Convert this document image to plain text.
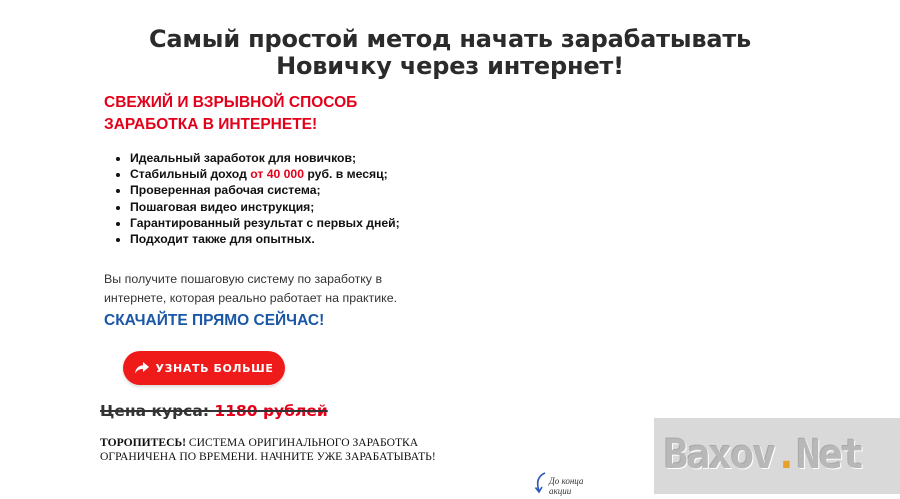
Самый простой метод начать зарабатывать
Новичку через интернет!
СВЕЖИЙ И ВЗРЫВНОЙ СПОСОБ
ЗАРАБОТКА В ИНТЕРНЕТЕ!
• Идеальный заработок для новичков;
• Стабильный доход от 40 000 руб. в месяц;
• Проверенная рабочая система;
• Пошаговая видео инструкция;
• Гарантированный результат с первых дней;
• Подходит также для опытных.
Вы получите пошаговую систему по заработку в
интернете, которая реально работает на практике.
СКАЧАЙТЕ ПРЯМО СЕЙЧАС!
УЗНАТЬ БОЛЬШЕ
Цена курса: 1180 рублей
ТОРОПИТЕСЬ! СИСТЕМА ОРИГИНАЛЬНОГО ЗАРАБОТКА
ОГРАНИЧЕНА ПО ВРЕМЕНИ. НАЧНИТЕ УЖЕ ЗАРАБАТЫВАТЬ!
До конца
акции
Baxov.Net
